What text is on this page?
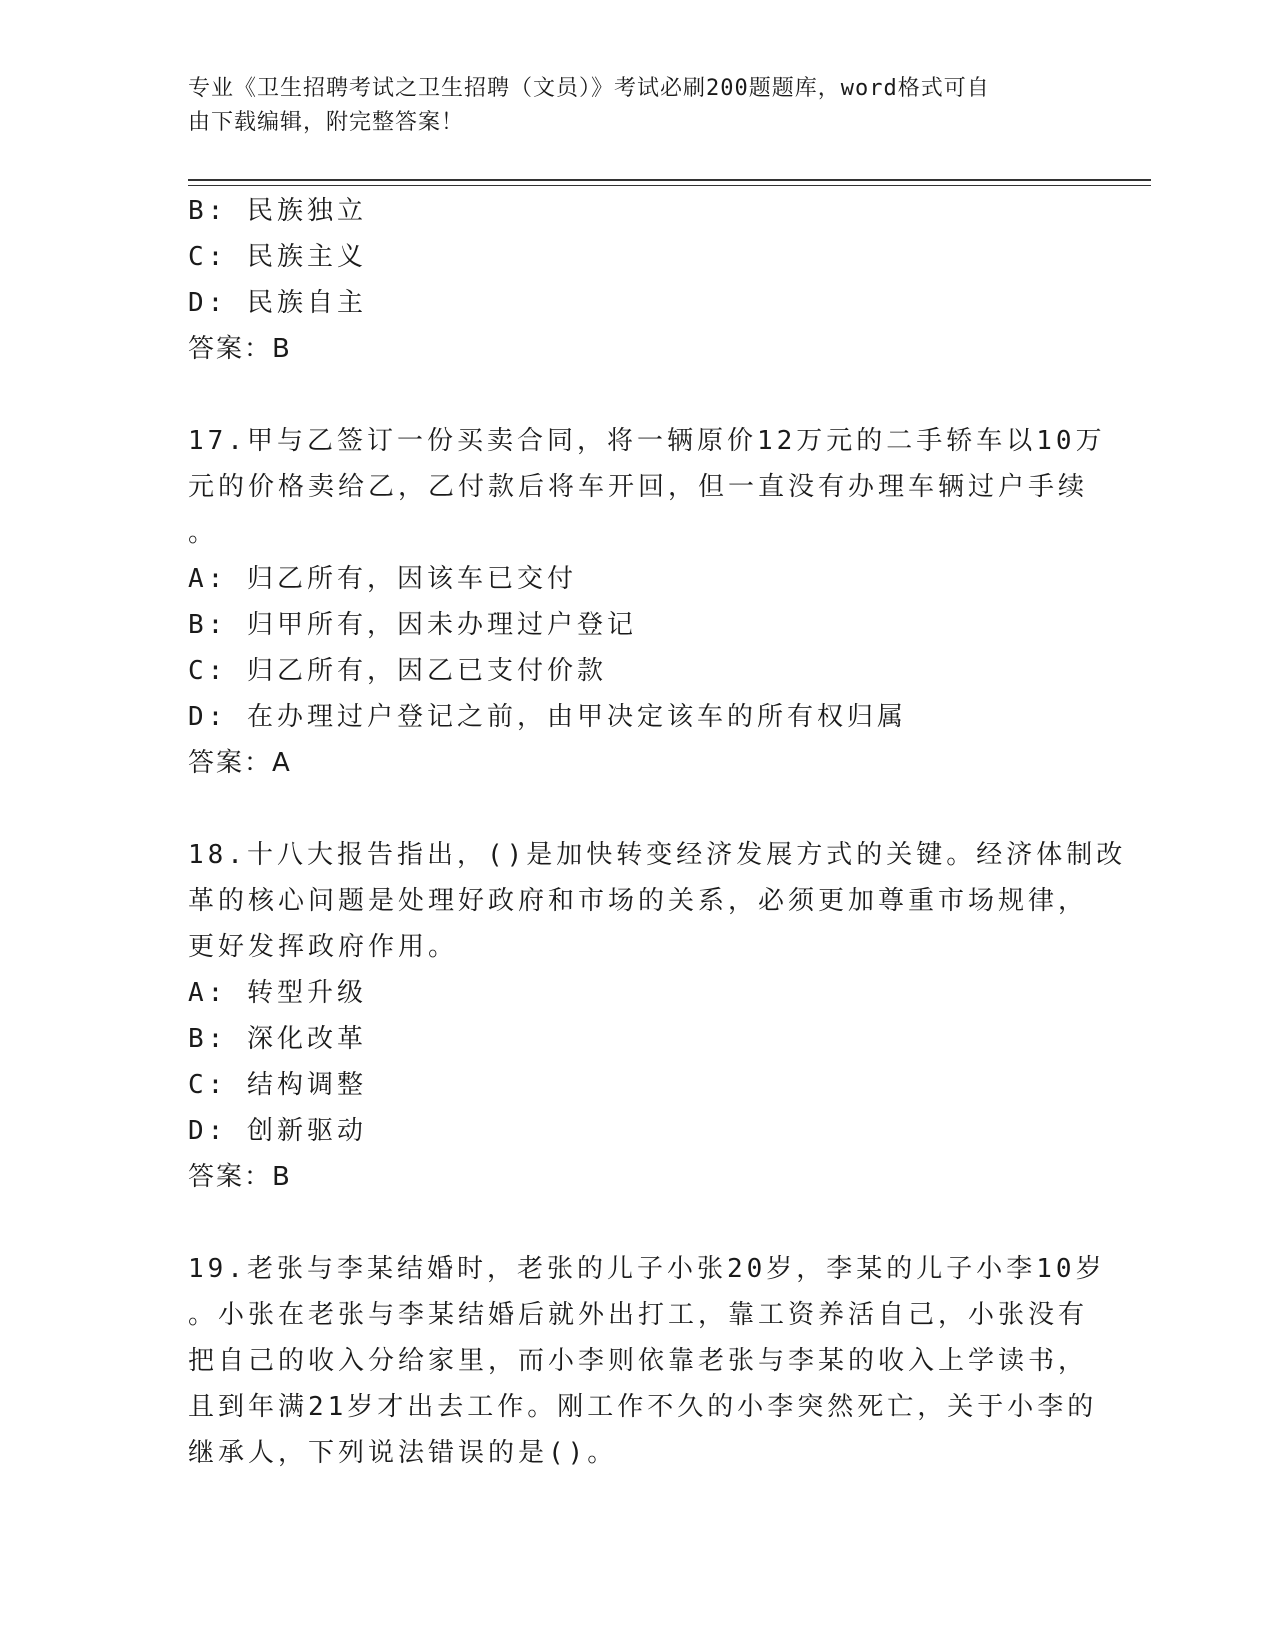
专业《卫生招聘考试之卫生招聘（文员）》考试必刷200题题库，word格式可自
由下载编辑，附完整答案！
B: 民族独立
C: 民族主义
D: 民族自主
答案：B
17.甲与乙签订一份买卖合同，将一辆原价12万元的二手轿车以10万
元的价格卖给乙，乙付款后将车开回，但一直没有办理车辆过户手续
。
A: 归乙所有，因该车已交付
B: 归甲所有，因未办理过户登记
C: 归乙所有，因乙已支付价款
D: 在办理过户登记之前，由甲决定该车的所有权归属
答案：A
18.十八大报告指出，()是加快转变经济发展方式的关键。经济体制改
革的核心问题是处理好政府和市场的关系，必须更加尊重市场规律，
更好发挥政府作用。
A: 转型升级
B: 深化改革
C: 结构调整
D: 创新驱动
答案：B
19.老张与李某结婚时，老张的儿子小张20岁，李某的儿子小李10岁
。小张在老张与李某结婚后就外出打工，靠工资养活自己，小张没有
把自己的收入分给家里，而小李则依靠老张与李某的收入上学读书，
且到年满21岁才出去工作。刚工作不久的小李突然死亡，关于小李的
继承人，下列说法错误的是()。
